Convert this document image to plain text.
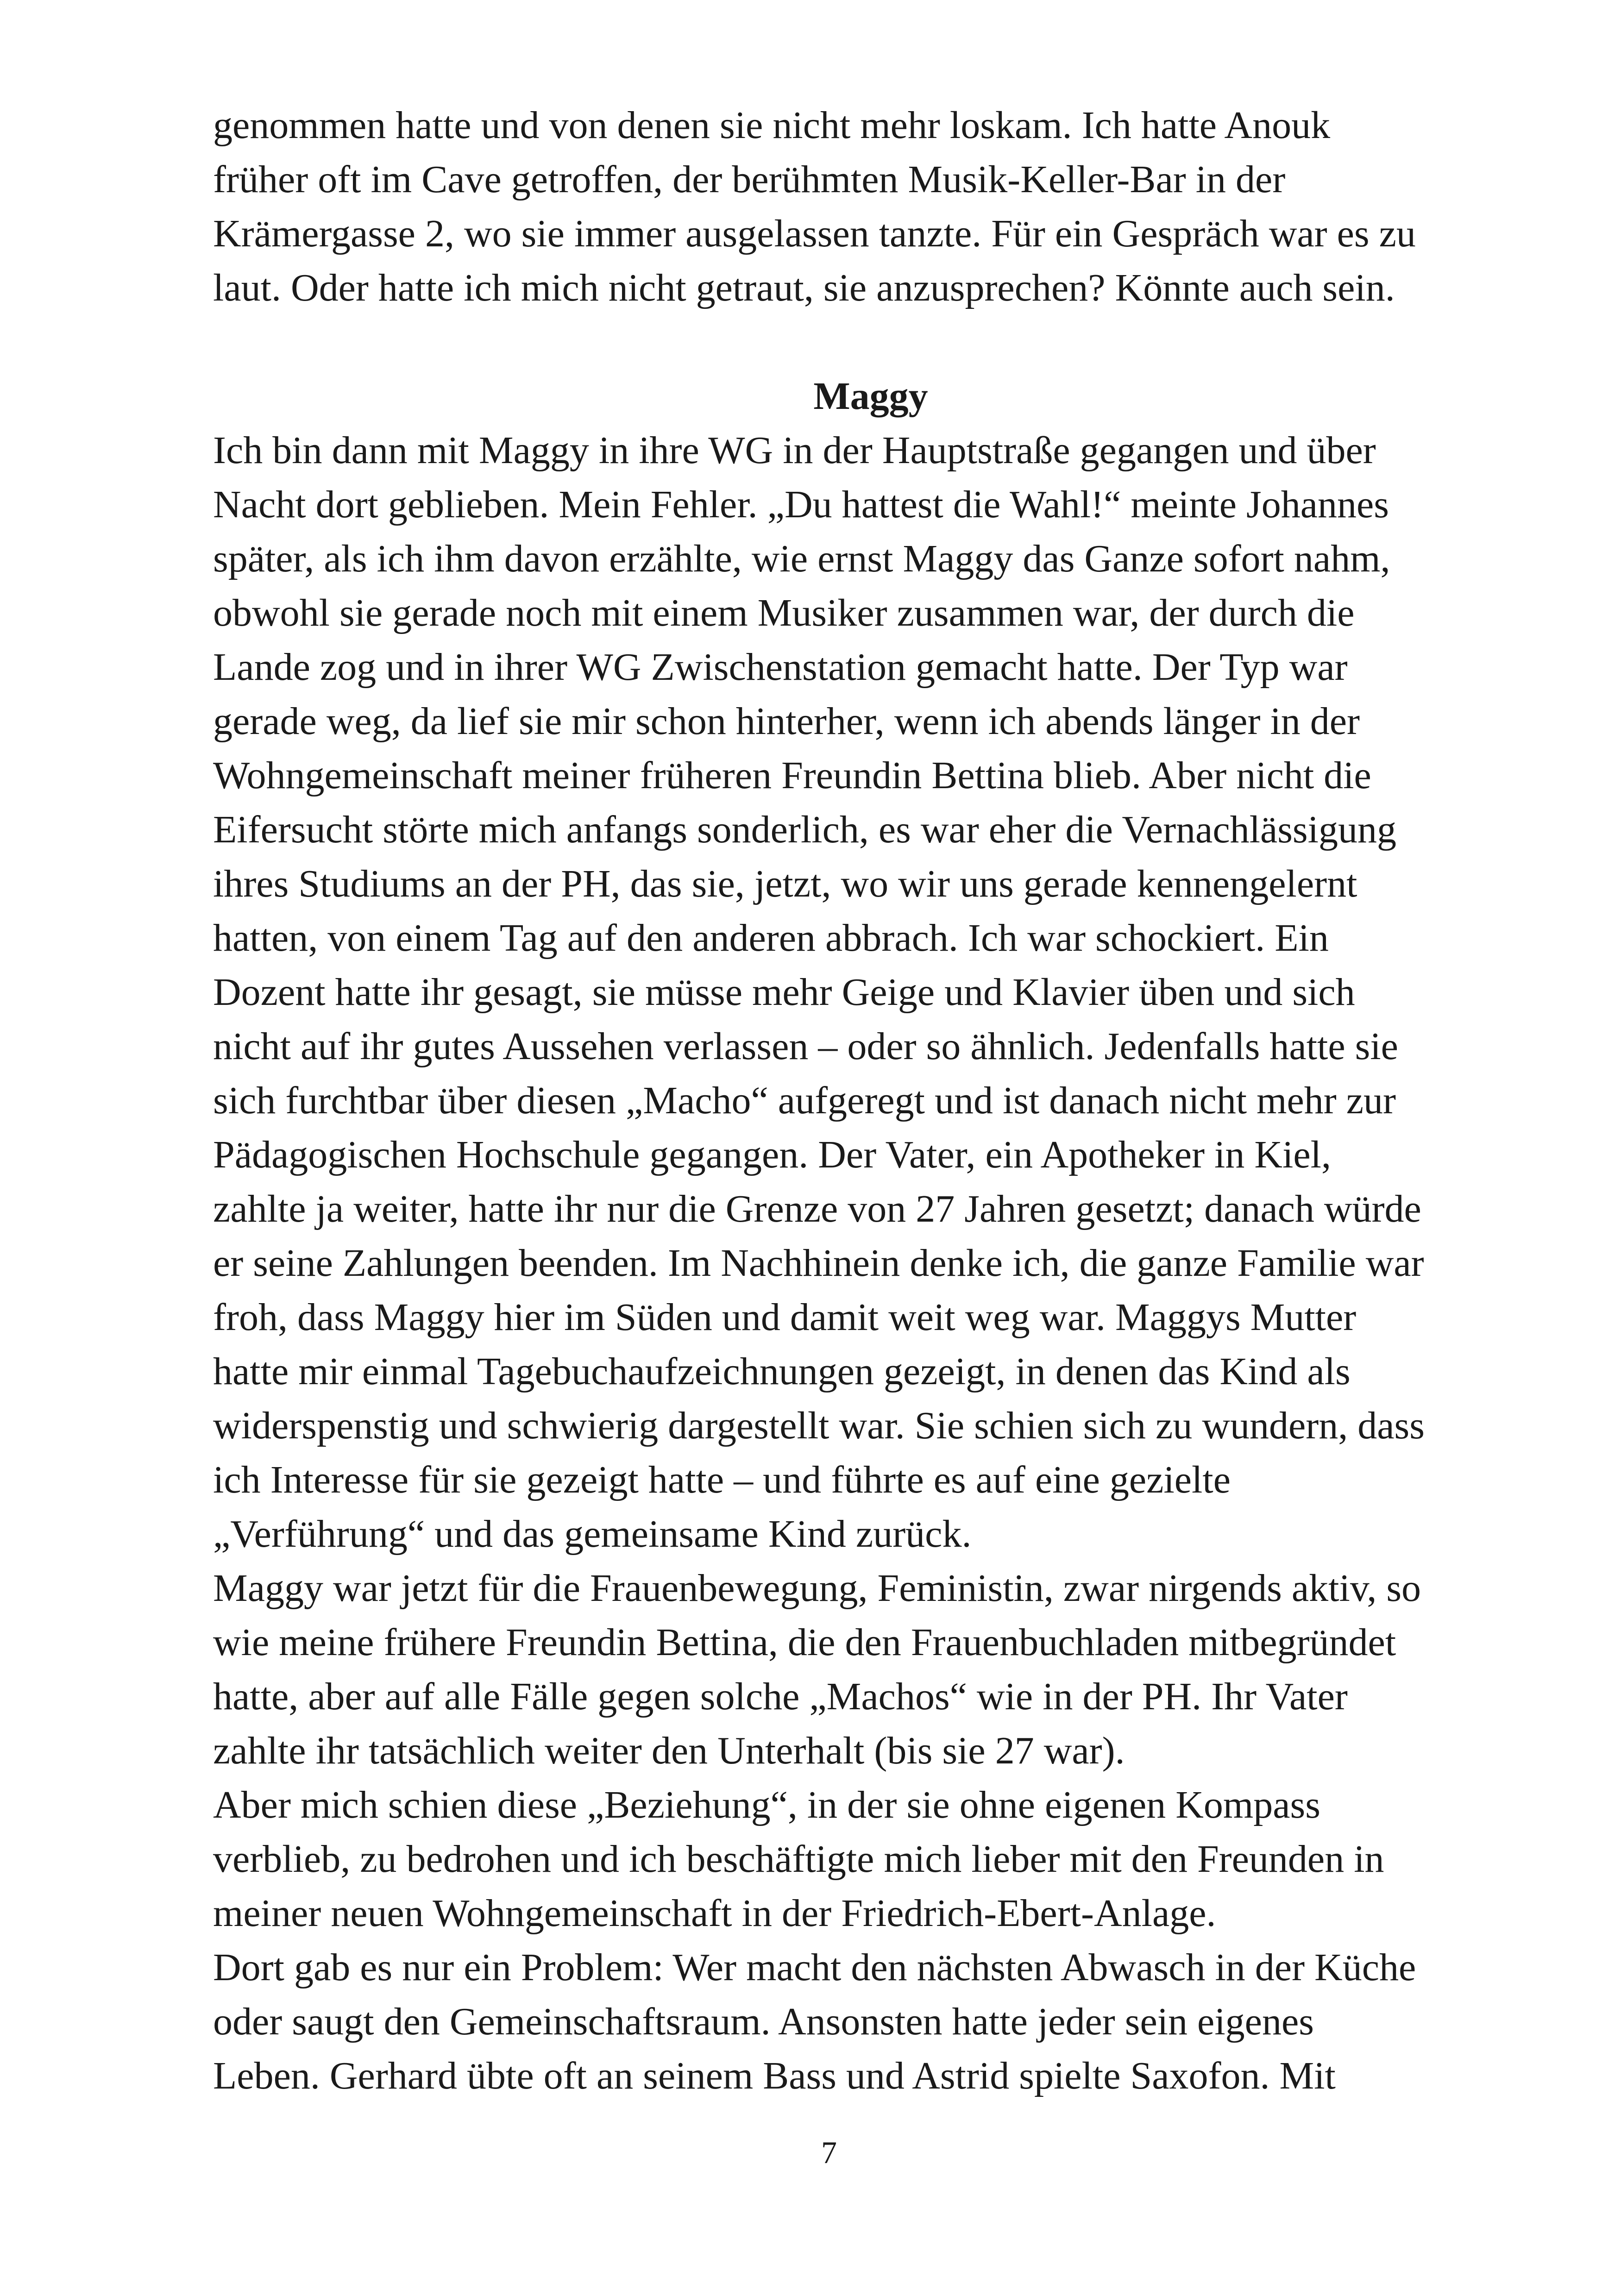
genommen hatte und von denen sie nicht mehr loskam. Ich hatte Anouk
früher oft im Cave getroffen, der berühmten Musik-Keller-Bar in der
Krämergasse 2, wo sie immer ausgelassen tanzte. Für ein Gespräch war es zu
laut. Oder hatte ich mich nicht getraut, sie anzusprechen? Könnte auch sein.
Maggy
Ich bin dann mit Maggy in ihre WG in der Hauptstraße gegangen und über
Nacht dort geblieben. Mein Fehler. „Du hattest die Wahl!“ meinte Johannes
später, als ich ihm davon erzählte, wie ernst Maggy das Ganze sofort nahm,
obwohl sie gerade noch mit einem Musiker zusammen war, der durch die
Lande zog und in ihrer WG Zwischenstation gemacht hatte. Der Typ war
gerade weg, da lief sie mir schon hinterher, wenn ich abends länger in der
Wohngemeinschaft meiner früheren Freundin Bettina blieb. Aber nicht die
Eifersucht störte mich anfangs sonderlich, es war eher die Vernachlässigung
ihres Studiums an der PH, das sie, jetzt, wo wir uns gerade kennengelernt
hatten, von einem Tag auf den anderen abbrach. Ich war schockiert. Ein
Dozent hatte ihr gesagt, sie müsse mehr Geige und Klavier üben und sich
nicht auf ihr gutes Aussehen verlassen – oder so ähnlich. Jedenfalls hatte sie
sich furchtbar über diesen „Macho“ aufgeregt und ist danach nicht mehr zur
Pädagogischen Hochschule gegangen. Der Vater, ein Apotheker in Kiel,
zahlte ja weiter, hatte ihr nur die Grenze von 27 Jahren gesetzt; danach würde
er seine Zahlungen beenden. Im Nachhinein denke ich, die ganze Familie war
froh, dass Maggy hier im Süden und damit weit weg war. Maggys Mutter
hatte mir einmal Tagebuchaufzeichnungen gezeigt, in denen das Kind als
widerspenstig und schwierig dargestellt war. Sie schien sich zu wundern, dass
ich Interesse für sie gezeigt hatte – und führte es auf eine gezielte
„Verführung“ und das gemeinsame Kind zurück.
Maggy war jetzt für die Frauenbewegung, Feministin, zwar nirgends aktiv, so
wie meine frühere Freundin Bettina, die den Frauenbuchladen mitbegründet
hatte, aber auf alle Fälle gegen solche „Machos“ wie in der PH. Ihr Vater
zahlte ihr tatsächlich weiter den Unterhalt (bis sie 27 war).
Aber mich schien diese „Beziehung“, in der sie ohne eigenen Kompass
verblieb, zu bedrohen und ich beschäftigte mich lieber mit den Freunden in
meiner neuen Wohngemeinschaft in der Friedrich-Ebert-Anlage.
Dort gab es nur ein Problem: Wer macht den nächsten Abwasch in der Küche
oder saugt den Gemeinschaftsraum. Ansonsten hatte jeder sein eigenes
Leben. Gerhard übte oft an seinem Bass und Astrid spielte Saxofon. Mit
7
